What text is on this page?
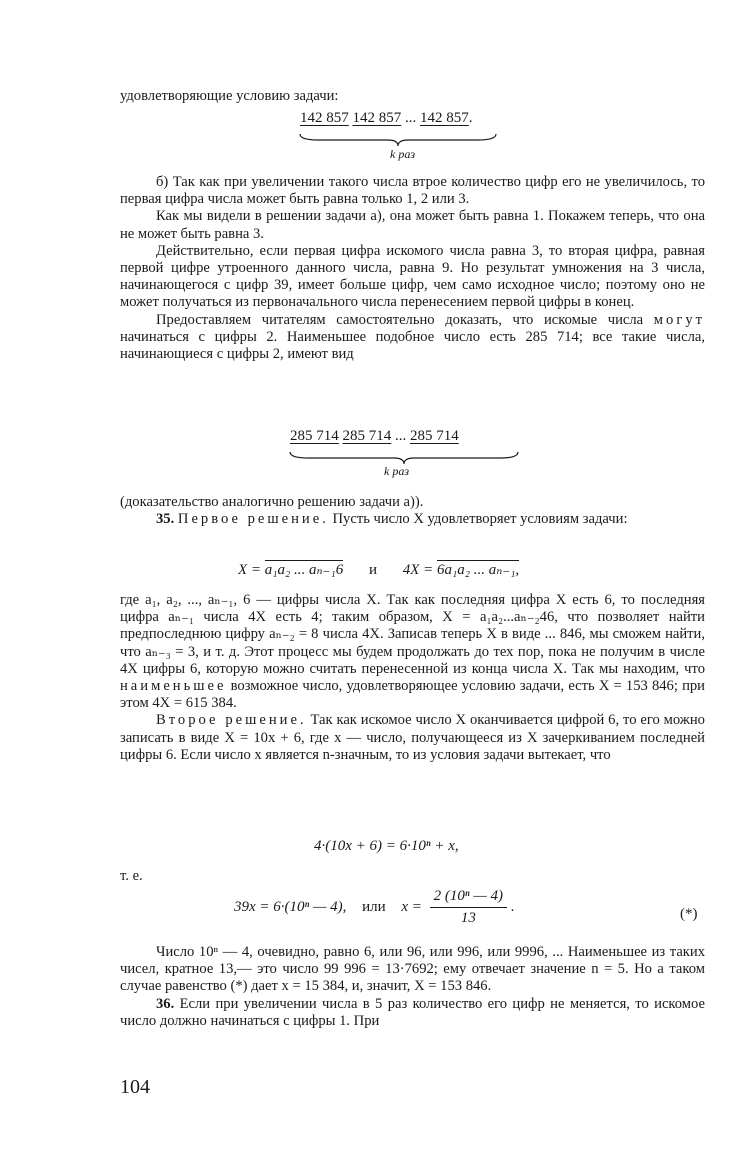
удовлетворяющие условию задачи:

142 857 142 857 ... 142 857.
k раз

б) Так как при увеличении такого числа втрое количество цифр его не увеличилось, то первая цифра числа может быть равна только 1, 2 или 3.

Как мы видели в решении задачи а), она может быть равна 1. Покажем теперь, что она не может быть равна 3.

Действительно, если первая цифра искомого числа равна 3, то вторая цифра, равная первой цифре утроенного данного числа, равна 9. Но результат умножения на 3 числа, начинающегося с цифр 39, имеет больше цифр, чем само исходное число; поэтому оно не может получаться из первоначального числа перенесением первой цифры в конец.

Предоставляем читателям самостоятельно доказать, что искомые числа могут начинаться с цифры 2. Наименьшее подобное число есть 285 714; все такие числа, начинающиеся с цифры 2, имеют вид

285 714 285 714 ... 285 714
k раз

(доказательство аналогично решению задачи а)).

35. Первое решение. Пусть число X удовлетворяет условиям задачи:

X = a₁a₂ ... aₙ₋₁6 и 4X = 6a₁a₂ ... aₙ₋₁,

где a₁, a₂, ..., aₙ₋₁, 6 — цифры числа X. Так как последняя цифра X есть 6, то последняя цифра aₙ₋₁ числа 4X есть 4; таким образом, X = a₁a₂...aₙ₋₂46, что позволяет найти предпоследнюю цифру aₙ₋₂ = 8 числа 4X. Записав теперь X в виде ... 846, мы сможем найти, что aₙ₋₃ = 3, и т. д. Этот процесс мы будем продолжать до тех пор, пока не получим в числе 4X цифры 6, которую можно считать перенесенной из конца числа X. Так мы находим, что наименьшее возможное число, удовлетворяющее условию задачи, есть X = 153 846; при этом 4X = 615 384.

Второе решение. Так как искомое число X оканчивается цифрой 6, то его можно записать в виде X = 10x + 6, где x — число, получающееся из X зачеркиванием последней цифры 6. Если число x является n-значным, то из условия задачи вытекает, что

4·(10x + 6) = 6·10ⁿ + x,

т. е.

39x = 6·(10ⁿ — 4), или $x = \frac{\text{2 (10ⁿ — 4)}}{13}$ .	(*)

Число 10ⁿ — 4, очевидно, равно 6, или 96, или 996, или 9996, ... Наименьшее из таких чисел, кратное 13,— это число 99 996 = 13·7692; ему отвечает значение n = 5. Но а таком случае равенство (*) дает x = 15 384, и, значит, X = 153 846.

36. Если при увеличении числа в 5 раз количество его цифр не меняется, то искомое число должно начинаться с цифры 1. При

104
